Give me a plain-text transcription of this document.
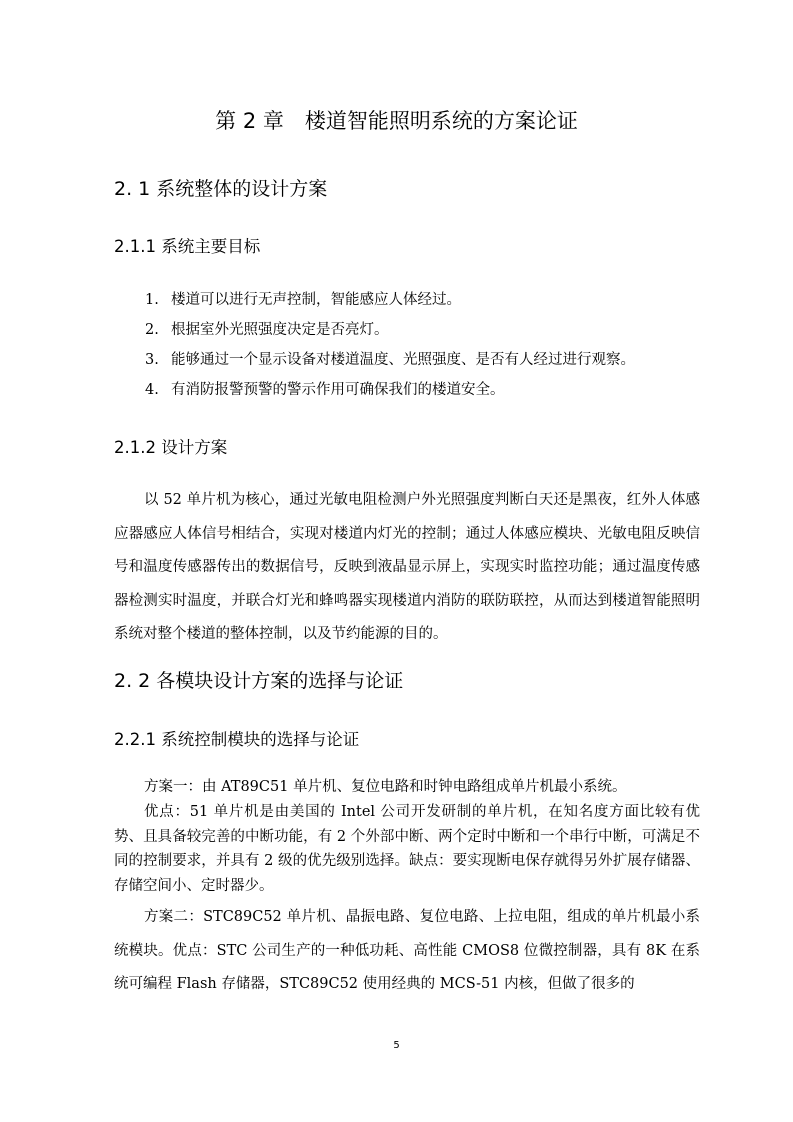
第 2 章　楼道智能照明系统的方案论证
2. 1 系统整体的设计方案
2.1.1 系统主要目标
1. 楼道可以进行无声控制，智能感应人体经过。
2. 根据室外光照强度决定是否亮灯。
3. 能够通过一个显示设备对楼道温度、光照强度、是否有人经过进行观察。
4. 有消防报警预警的警示作用可确保我们的楼道安全。
2.1.2 设计方案

以 52 单片机为核心，通过光敏电阻检测户外光照强度判断白天还是黑夜，红外人体感应器感应人体信号相结合，实现对楼道内灯光的控制；通过人体感应模块、光敏电阻反映信号和温度传感器传出的数据信号，反映到液晶显示屏上，实现实时监控功能；通过温度传感器检测实时温度，并联合灯光和蜂鸣器实现楼道内消防的联防联控，从而达到楼道智能照明系统对整个楼道的整体控制，以及节约能源的目的。

2. 2 各模块设计方案的选择与论证
2.2.1 系统控制模块的选择与论证

方案一：由 AT89C51 单片机、复位电路和时钟电路组成单片机最小系统。

优点：51 单片机是由美国的 Intel 公司开发研制的单片机，在知名度方面比较有优势、且具备较完善的中断功能，有 2 个外部中断、两个定时中断和一个串行中断，可满足不同的控制要求，并具有 2 级的优先级别选择。缺点：要实现断电保存就得另外扩展存储器、存储空间小、定时器少。

方案二：STC89C52 单片机、晶振电路、复位电路、上拉电阻，组成的单片机最小系统模块。优点：STC 公司生产的一种低功耗、高性能 CMOS8 位微控制器，具有 8K 在系统可编程 Flash 存储器，STC89C52 使用经典的 MCS-51 内核，但做了很多的

5
